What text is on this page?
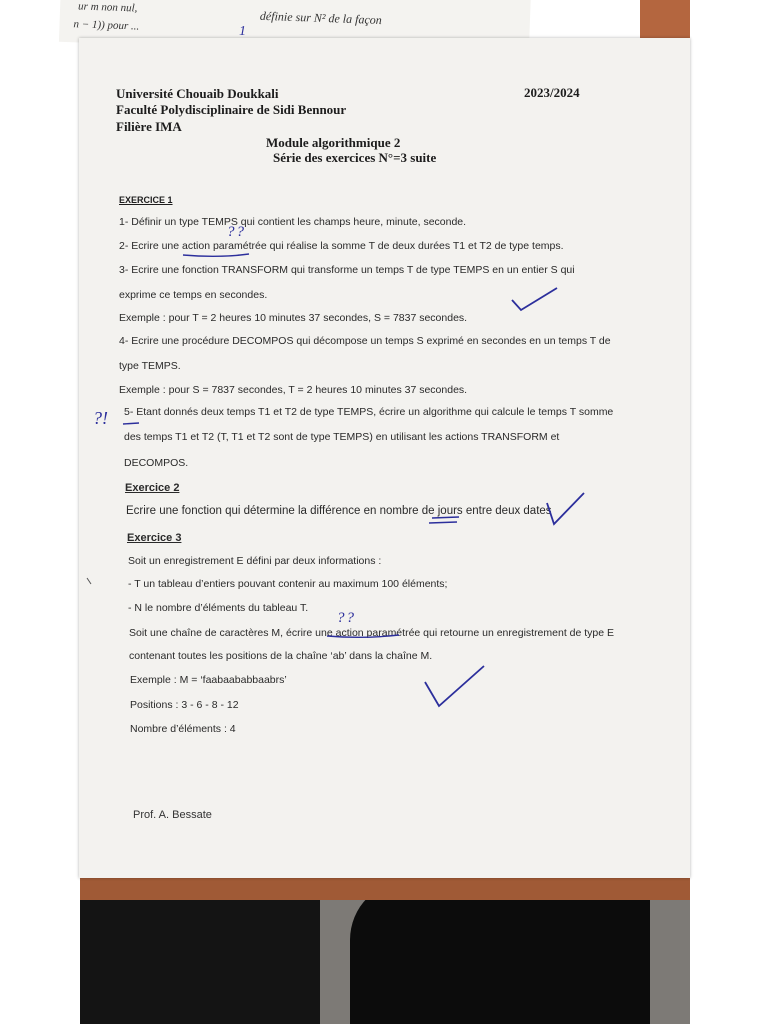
ur m non nul,
n − 1)) pour ...	définie sur N² de la façon
Université Chouaib Doukkali
Faculté Polydisciplinaire de Sidi Bennour
Filière IMA
2023/2024
Module algorithmique 2
Série des exercices N°=3 suite
EXERCICE 1
1- Définir un type TEMPS qui contient les champs heure, minute, seconde.
2- Ecrire une action paramétrée qui réalise la somme T de deux durées T1 et T2 de type temps.
3- Ecrire une fonction TRANSFORM qui transforme un temps T de type TEMPS en un entier S qui
exprime ce temps en secondes.
Exemple : pour T = 2 heures 10 minutes 37 secondes, S = 7837 secondes.
4- Ecrire une procédure DECOMPOS qui décompose un temps S exprimé en secondes en un temps T de
type TEMPS.
Exemple : pour S = 7837 secondes, T = 2 heures 10 minutes 37 secondes.
5- Etant donnés deux temps T1 et T2 de type TEMPS, écrire un algorithme qui calcule le temps T somme
des temps T1 et T2 (T, T1 et T2 sont de type TEMPS) en utilisant les actions TRANSFORM et
DECOMPOS.
Exercice 2
Ecrire une fonction qui détermine la différence en nombre de jours entre deux dates
Exercice 3
Soit un enregistrement E défini par deux informations :
- T un tableau d’entiers pouvant contenir au maximum 100 éléments;
- N le nombre d’éléments du tableau T.
Soit une chaîne de caractères M, écrire une action paramétrée qui retourne un enregistrement de type E
contenant toutes les positions de la chaîne ‘ab’ dans la chaîne M.
Exemple : M = ‘faabaababbaabrs’
Positions : 3 - 6 - 8 - 12
Nombre d’éléments : 4
Prof. A. Bessate
??
??
?!
1
